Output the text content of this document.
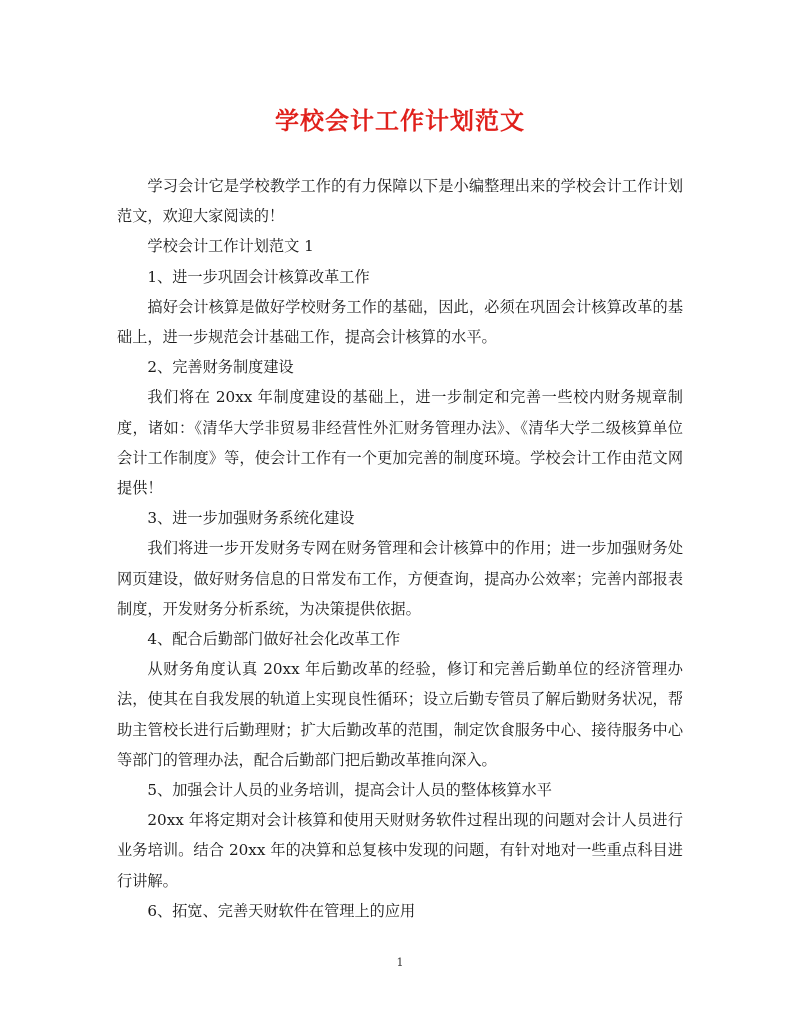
学校会计工作计划范文

学习会计它是学校教学工作的有力保障以下是小编整理出来的学校会计工作计划范文，欢迎大家阅读的！

学校会计工作计划范文 1

1、进一步巩固会计核算改革工作

搞好会计核算是做好学校财务工作的基础，因此，必须在巩固会计核算改革的基础上，进一步规范会计基础工作，提高会计核算的水平。

2、完善财务制度建设

我们将在 20xx 年制度建设的基础上，进一步制定和完善一些校内财务规章制度，诸如：《清华大学非贸易非经营性外汇财务管理办法》、《清华大学二级核算单位会计工作制度》等，使会计工作有一个更加完善的制度环境。学校会计工作由范文网提供！

3、进一步加强财务系统化建设

我们将进一步开发财务专网在财务管理和会计核算中的作用；进一步加强财务处网页建设，做好财务信息的日常发布工作，方便查询，提高办公效率；完善内部报表制度，开发财务分析系统，为决策提供依据。

4、配合后勤部门做好社会化改革工作

从财务角度认真 20xx 年后勤改革的经验，修订和完善后勤单位的经济管理办法，使其在自我发展的轨道上实现良性循环；设立后勤专管员了解后勤财务状况，帮助主管校长进行后勤理财；扩大后勤改革的范围，制定饮食服务中心、接待服务中心等部门的管理办法，配合后勤部门把后勤改革推向深入。

5、加强会计人员的业务培训，提高会计人员的整体核算水平

20xx 年将定期对会计核算和使用天财财务软件过程出现的问题对会计人员进行业务培训。结合 20xx 年的决算和总复核中发现的问题，有针对地对一些重点科目进行讲解。

6、拓宽、完善天财软件在管理上的应用

1
